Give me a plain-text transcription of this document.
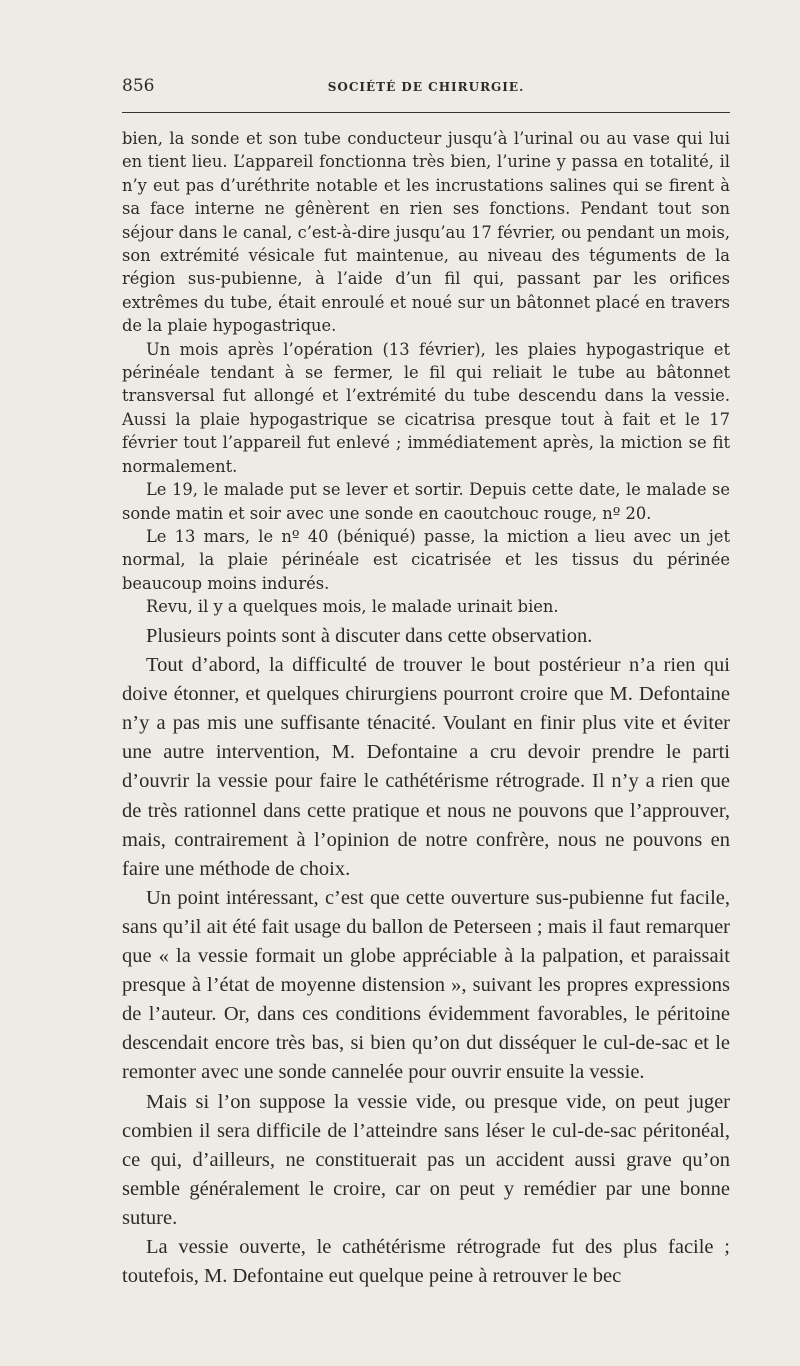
856	SOCIÉTÉ DE CHIRURGIE.

bien, la sonde et son tube conducteur jusqu’à l’urinal ou au vase qui lui en tient lieu. L’appareil fonctionna très bien, l’urine y passa en totalité, il n’y eut pas d’uréthrite notable et les incrustations salines qui se firent à sa face interne ne gênèrent en rien ses fonctions. Pendant tout son séjour dans le canal, c’est-à-dire jusqu’au 17 février, ou pendant un mois, son extrémité vésicale fut maintenue, au niveau des téguments de la région sus-pubienne, à l’aide d’un fil qui, passant par les orifices extrêmes du tube, était enroulé et noué sur un bâtonnet placé en travers de la plaie hypogastrique.

Un mois après l’opération (13 février), les plaies hypogastrique et périnéale tendant à se fermer, le fil qui reliait le tube au bâtonnet transversal fut allongé et l’extrémité du tube descendu dans la vessie. Aussi la plaie hypogastrique se cicatrisa presque tout à fait et le 17 février tout l’appareil fut enlevé ; immédiatement après, la miction se fit normalement.

Le 19, le malade put se lever et sortir. Depuis cette date, le malade se sonde matin et soir avec une sonde en caoutchouc rouge, nº 20.

Le 13 mars, le nº 40 (béniqué) passe, la miction a lieu avec un jet normal, la plaie périnéale est cicatrisée et les tissus du périnée beaucoup moins indurés.

Revu, il y a quelques mois, le malade urinait bien.

Plusieurs points sont à discuter dans cette observation.

Tout d’abord, la difficulté de trouver le bout postérieur n’a rien qui doive étonner, et quelques chirurgiens pourront croire que M. Defontaine n’y a pas mis une suffisante ténacité. Voulant en finir plus vite et éviter une autre intervention, M. Defontaine a cru devoir prendre le parti d’ouvrir la vessie pour faire le cathétérisme rétrograde. Il n’y a rien que de très rationnel dans cette pratique et nous ne pouvons que l’approuver, mais, contrairement à l’opinion de notre confrère, nous ne pouvons en faire une méthode de choix.

Un point intéressant, c’est que cette ouverture sus-pubienne fut facile, sans qu’il ait été fait usage du ballon de Peterseen ; mais il faut remarquer que « la vessie formait un globe appréciable à la palpation, et paraissait presque à l’état de moyenne distension », suivant les propres expressions de l’auteur. Or, dans ces conditions évidemment favorables, le péritoine descendait encore très bas, si bien qu’on dut disséquer le cul-de-sac et le remonter avec une sonde cannelée pour ouvrir ensuite la vessie.

Mais si l’on suppose la vessie vide, ou presque vide, on peut juger combien il sera difficile de l’atteindre sans léser le cul-de-sac péritonéal, ce qui, d’ailleurs, ne constituerait pas un accident aussi grave qu’on semble généralement le croire, car on peut y remédier par une bonne suture.

La vessie ouverte, le cathétérisme rétrograde fut des plus facile ; toutefois, M. Defontaine eut quelque peine à retrouver le bec
